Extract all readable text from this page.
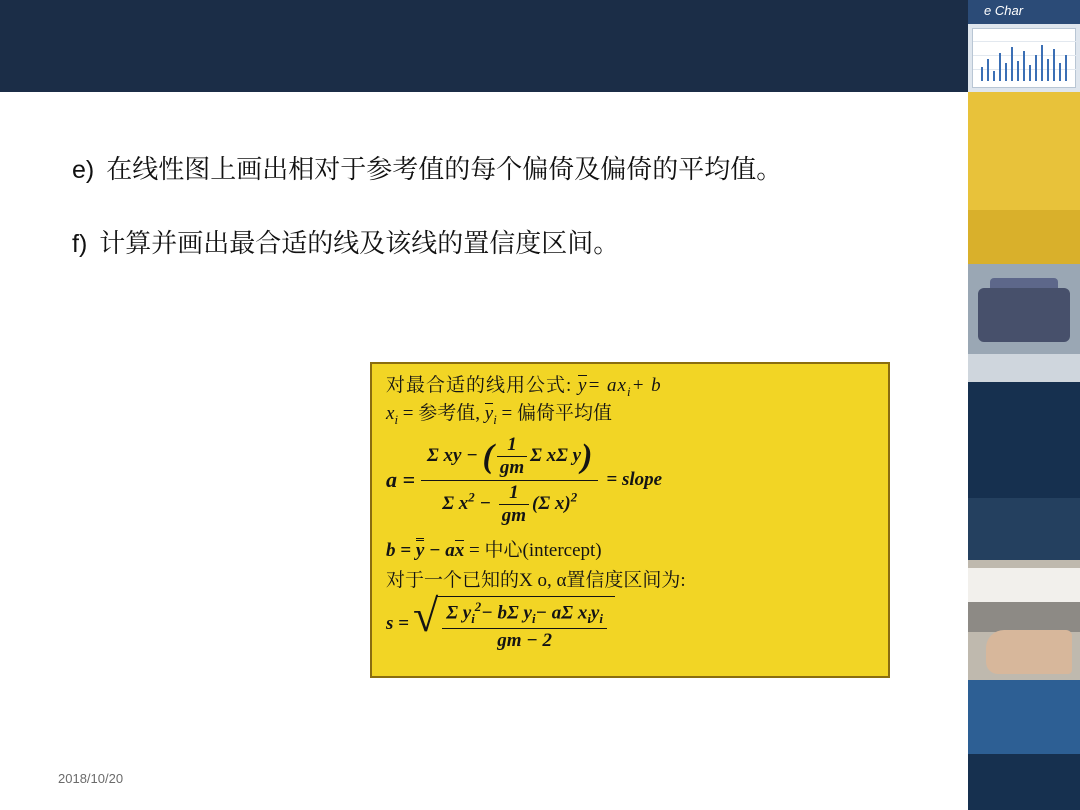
e Char
e) 在线性图上画出相对于参考值的每个偏倚及偏倚的平均值。
f) 计算并画出最合适的线及该线的置信度区间。
对最合适的线用公式: $y= ax_i+ b$
$x_i$ = 参考值, $y_i$ = 偏倚平均值
$a = \frac{\Sigma xy - ( \frac{1}{gm} \Sigma x\Sigma y)}{\Sigma x^2 - \frac{1}{gm} (\Sigma x)^2}$ = slope
b = y − ax = 中心(intercept)
对于一个已知的X o, α置信度区间为:
s = √
$\frac{\Sigma y_i^2- b\Sigma y_i- a\Sigma x_iy_i}{gm - 2}$
2018/10/20
